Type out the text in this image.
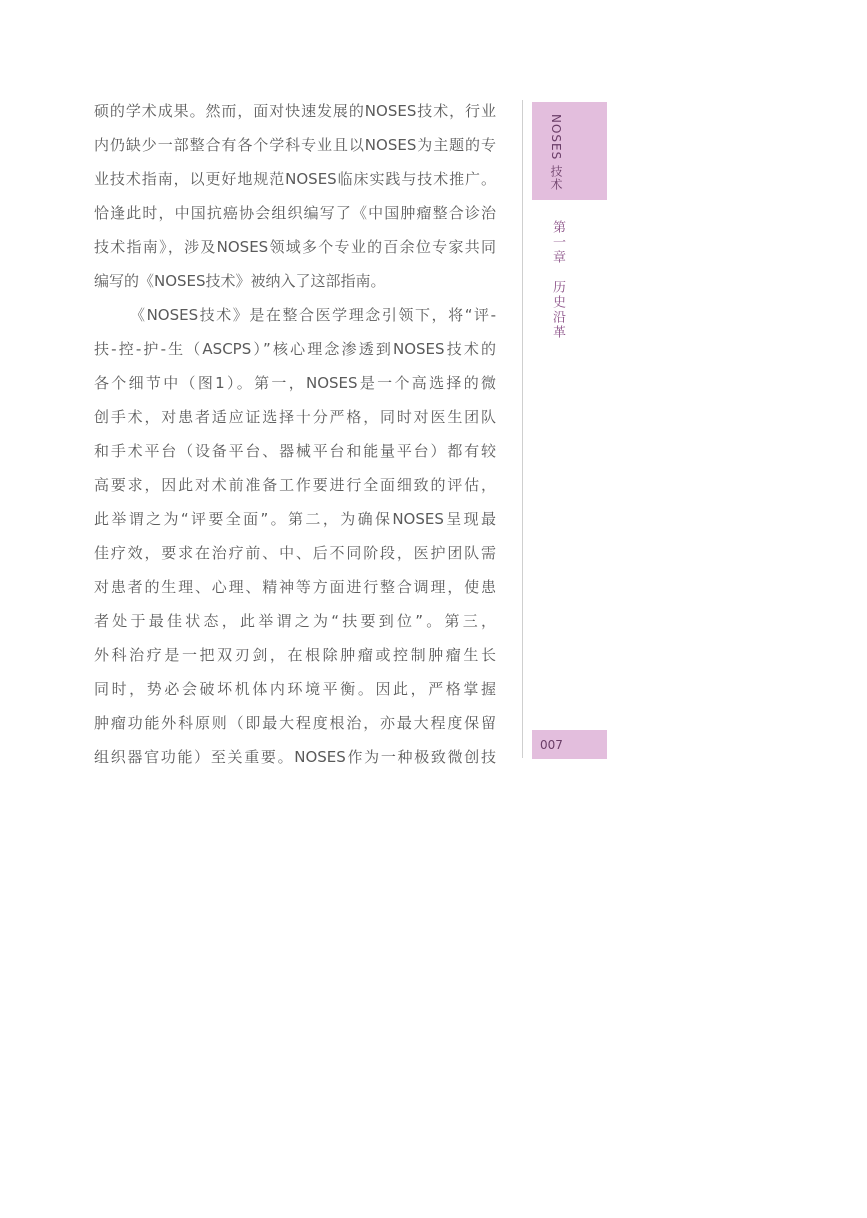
硕的学术成果。然而，面对快速发展的NOSES技术，行业
内仍缺少一部整合有各个学科专业且以NOSES为主题的专
业技术指南，以更好地规范NOSES临床实践与技术推广。
恰逢此时，中国抗癌协会组织编写了《中国肿瘤整合诊治
技术指南》，涉及NOSES领域多个专业的百余位专家共同
编写的《NOSES技术》被纳入了这部指南。
《NOSES技术》是在整合医学理念引领下，将“评-
扶-控-护-生（ASCPS）”核心理念渗透到NOSES技术的
各个细节中（图1）。第一，NOSES是一个高选择的微
创手术，对患者适应证选择十分严格，同时对医生团队
和手术平台（设备平台、器械平台和能量平台）都有较
高要求，因此对术前准备工作要进行全面细致的评估，
此举谓之为“评要全面”。第二，为确保NOSES呈现最
佳疗效，要求在治疗前、中、后不同阶段，医护团队需
对患者的生理、心理、精神等方面进行整合调理，使患
者处于最佳状态，此举谓之为“扶要到位”。第三，
外科治疗是一把双刃剑，在根除肿瘤或控制肿瘤生长
同时，势必会破坏机体内环境平衡。因此，严格掌握
肿瘤功能外科原则（即最大程度根治，亦最大程度保留
组织器官功能）至关重要。NOSES作为一种极致微创技
NOSES 技术
第一章　历史沿革
007
